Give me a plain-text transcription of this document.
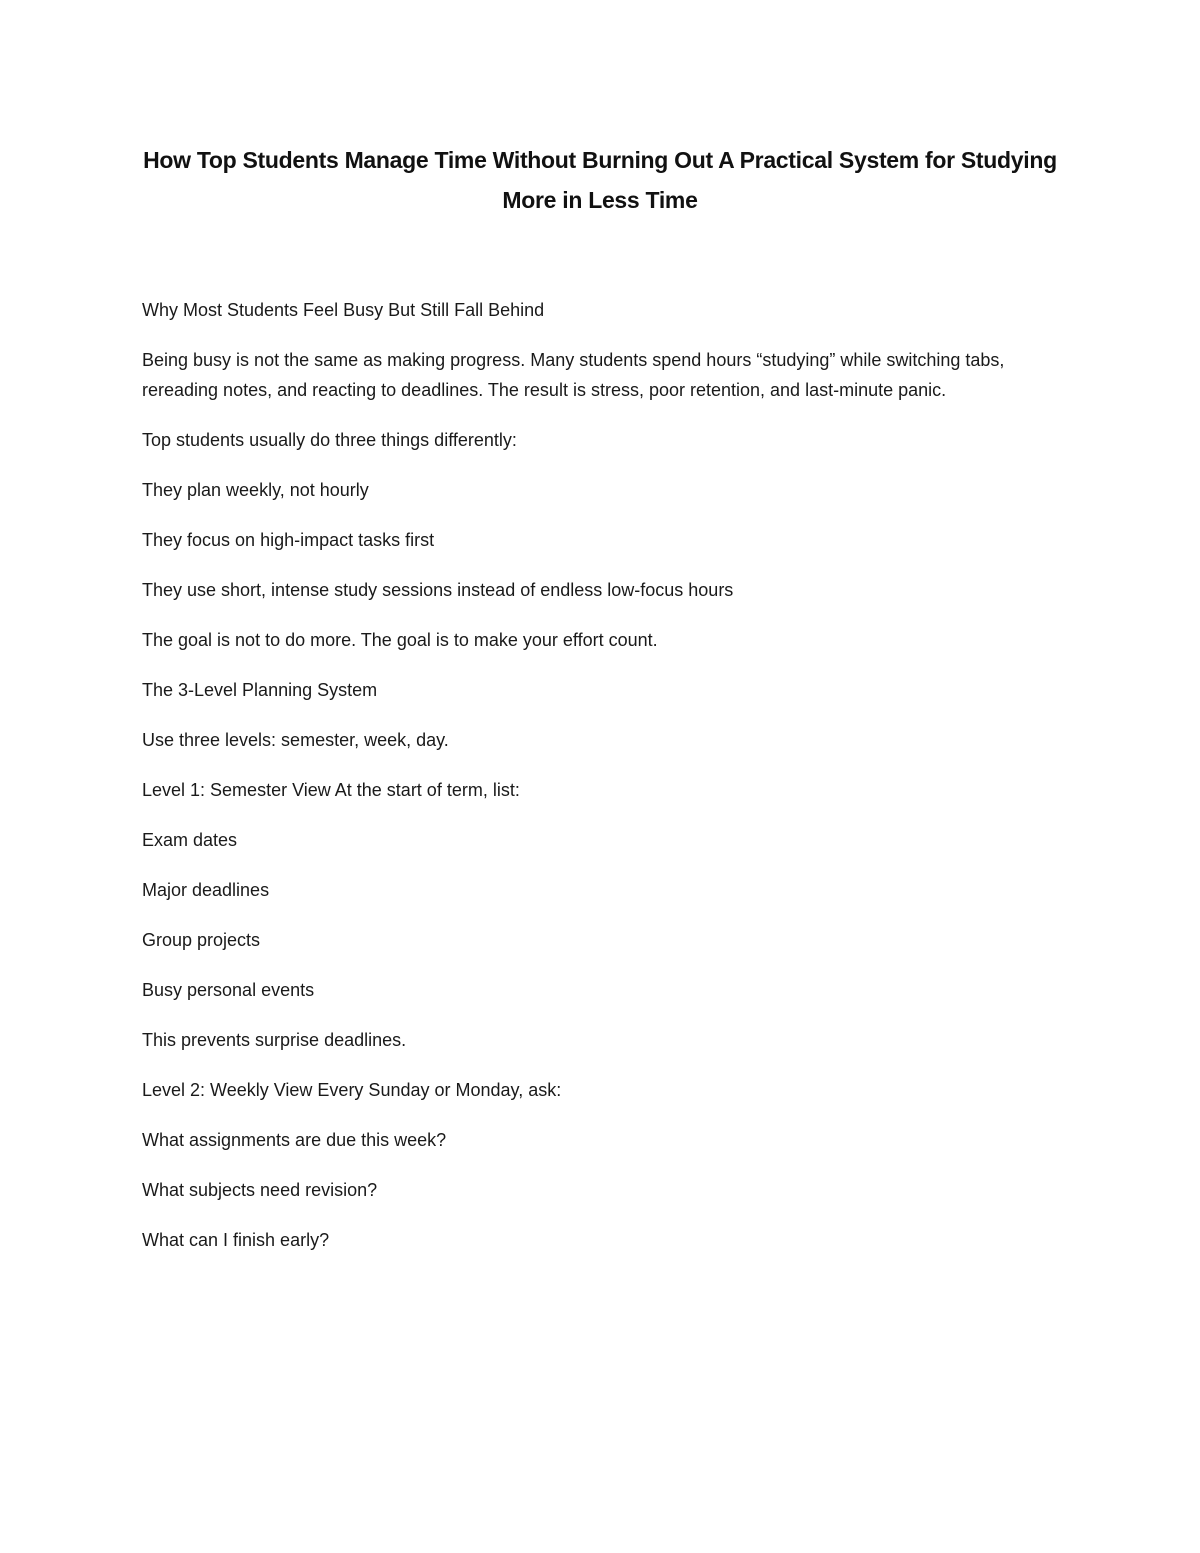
How Top Students Manage Time Without Burning Out A Practical System for Studying More in Less Time

Why Most Students Feel Busy But Still Fall Behind

Being busy is not the same as making progress. Many students spend hours “studying” while switching tabs, rereading notes, and reacting to deadlines. The result is stress, poor retention, and last-minute panic.

Top students usually do three things differently:

They plan weekly, not hourly

They focus on high-impact tasks first

They use short, intense study sessions instead of endless low-focus hours

The goal is not to do more. The goal is to make your effort count.

The 3-Level Planning System

Use three levels: semester, week, day.

Level 1: Semester View At the start of term, list:

Exam dates

Major deadlines

Group projects

Busy personal events

This prevents surprise deadlines.

Level 2: Weekly View Every Sunday or Monday, ask:

What assignments are due this week?

What subjects need revision?

What can I finish early?
